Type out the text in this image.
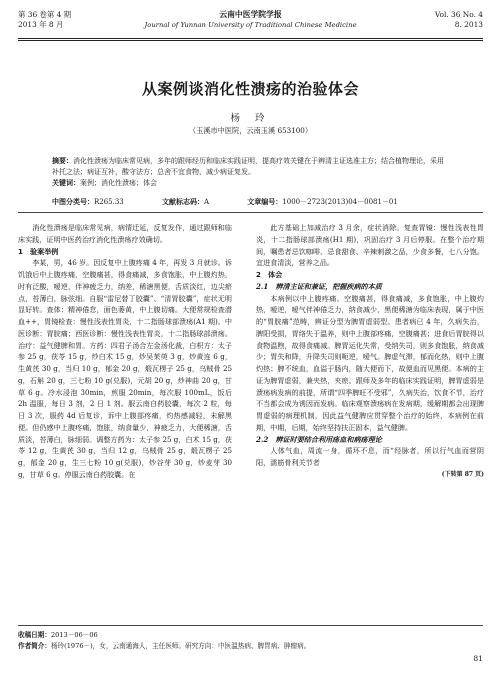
第 36 卷第 4 期
2013 年 8 月
云南中医学院学报
Journal of Yunnan University of Traditional Chinese Medicine
Vol. 36 No. 4
8. 2013
从案例谈消化性溃疡的治验体会
杨 玲
（玉溪市中医院，云南玉溪 653100）
摘要：消化性溃疡为临床常见病，多年的跟师经历和临床实践证明，提高疗效关键在于辨清主证选准主方；结合植物理论，采用补托之法；病证互补，酸守法方；总舍不宜食物，减少病证复发。
关键词：案例；消化性溃疡；体会
中图分类号：R265.33	文献标志码：A	文章编号：1000－2723(2013)04－0081－01

消化性溃疡是临床常见病，病情迁延，反复发作，通过跟师和临床实践，证明中医药治疗消化性溃疡疗效确切。

1　验案举例

李某，男，46 岁。因反复中上腹疼痛 4 年，再发 3 月就诊。诉饥饿后中上腹疼痛，空腹痛甚，得食痛减，多食饱胀，中上腹灼热，时有泛酸，嗳逆，伴神疲乏力，纳差，稀溏黑便，舌质淡红，边尖瘀点，苔薄白，脉弦细。自服“雷尼替丁胶囊”、“清胃胶囊”，症状无明显好转。查体：精神倦怠，面色萎黄，中上腹切痛。大便常规检查潜血++，胃镜检查：慢性浅表性胃炎，十二指肠球部溃疡(A1 期)。中医诊断：胃脘痛；西医诊断：慢性浅表性胃炎，十二指肠球部溃疡。治疗：益气健脾和胃。方药：四君子汤合左金汤化裁，白枳方：太子参 25 g，茯苓 15 g，炒白术 15 g，炒吴茱萸 3 g，炒黄连 6 g，生黄芪 30 g，当归 10 g，郁金 20 g，煅瓦楞子 25 g，乌贼骨 25 g，石斛 20 g，三七粉 10 g(兑服)，元胡 20 g，炒神曲 20 g，甘草 6 g。冷水浸泡 30min，煎服 20min，每次服 100mL，饭后 2h 温服，每日 3 剂，2 日 1 剂。服云南白药胶囊，每次 2 粒，每日 3 次，服药 4d 后复诊，诉中上腹部疼痛，灼热感减轻，未解黑便。但仍感中上腹疼痛，饱胀，纳食量少，神疲乏力，大便稀溏，舌质淡，苔薄白，脉细弱。调整方药为：太子参 25 g，白术 15 g，茯苓 12 g，生黄芪 30 g，当归 12 g，乌贼骨 25 g，煅瓦楞子 25 g，郁金 20 g，生三七粉 10 g(兑服)，炒谷芽 30 g，炒麦芽 30 g，甘草 6 g。停服云南白药胶囊。在

此方基础上加减治疗 3 月余，症状消除。复查胃镜：慢性浅表性胃炎，十二指肠球部溃疡(H1 期)，巩固治疗 3 月后停服。在整个治疗期间，嘱患者忌饮咖啡、忌食甜食、辛辣刺激之品，少食多餐，七八分饱。宜进食清淡，营养之品。

2　体会

2.1　辨清主证和兼证，把握疾病的本质

本病例以中上腹疼痛、空腹痛甚，得食痛减，多食饱胀，中上腹灼热，嗳逆，嗳气伴神倦乏力，纳食减少，黑便稀溏为临床表现，属于中医的“胃脘痛”范畴，辨证分型为脾胃虚弱型。患者病已 4 年，久病失治，脾阳受损，胃络失于温养，则中上腹部疼痛，空腹痛甚；进食后胃脘得以食物温煦，故得食痛减。脾胃运化失常，受纳失司，则多食饱胀，纳食减少；胃失和降，升降失司则呃逆，嗳气。脾虚气滞，郁而化热，则中上腹灼热；脾不统血，血溢于肠内，随大便而下，故便血而见黑便。本病的主证为脾胃虚弱，兼夹热，夹瘀。跟师及多年的临床实践证明，脾胃虚弱是溃疡病发病的前提，所谓“四季脾旺不受邪”，久病失治，饮食不节，治疗不当都会成为诱因而发病。临床观察溃疡病在发病期，缓解期都会出现脾胃虚弱的病理机制，因此益气健脾应贯穿整个治疗的始终，本病例在前期，中期，后期，始终坚持扶正固本，益气健脾。

2.2　辨证时要结合利用疡血和病疡理论

人体气血，周流一身，循环不息，而“经脉者，所以行气血而营阴阳，濡筋骨利关节者

(下转第 87 页)
收稿日期：2013－06－06
作者简介：杨玲(1976－)，女，云南通海人，主任医师。研究方向：中医温热病、脾胃病、肿瘤病。
81
